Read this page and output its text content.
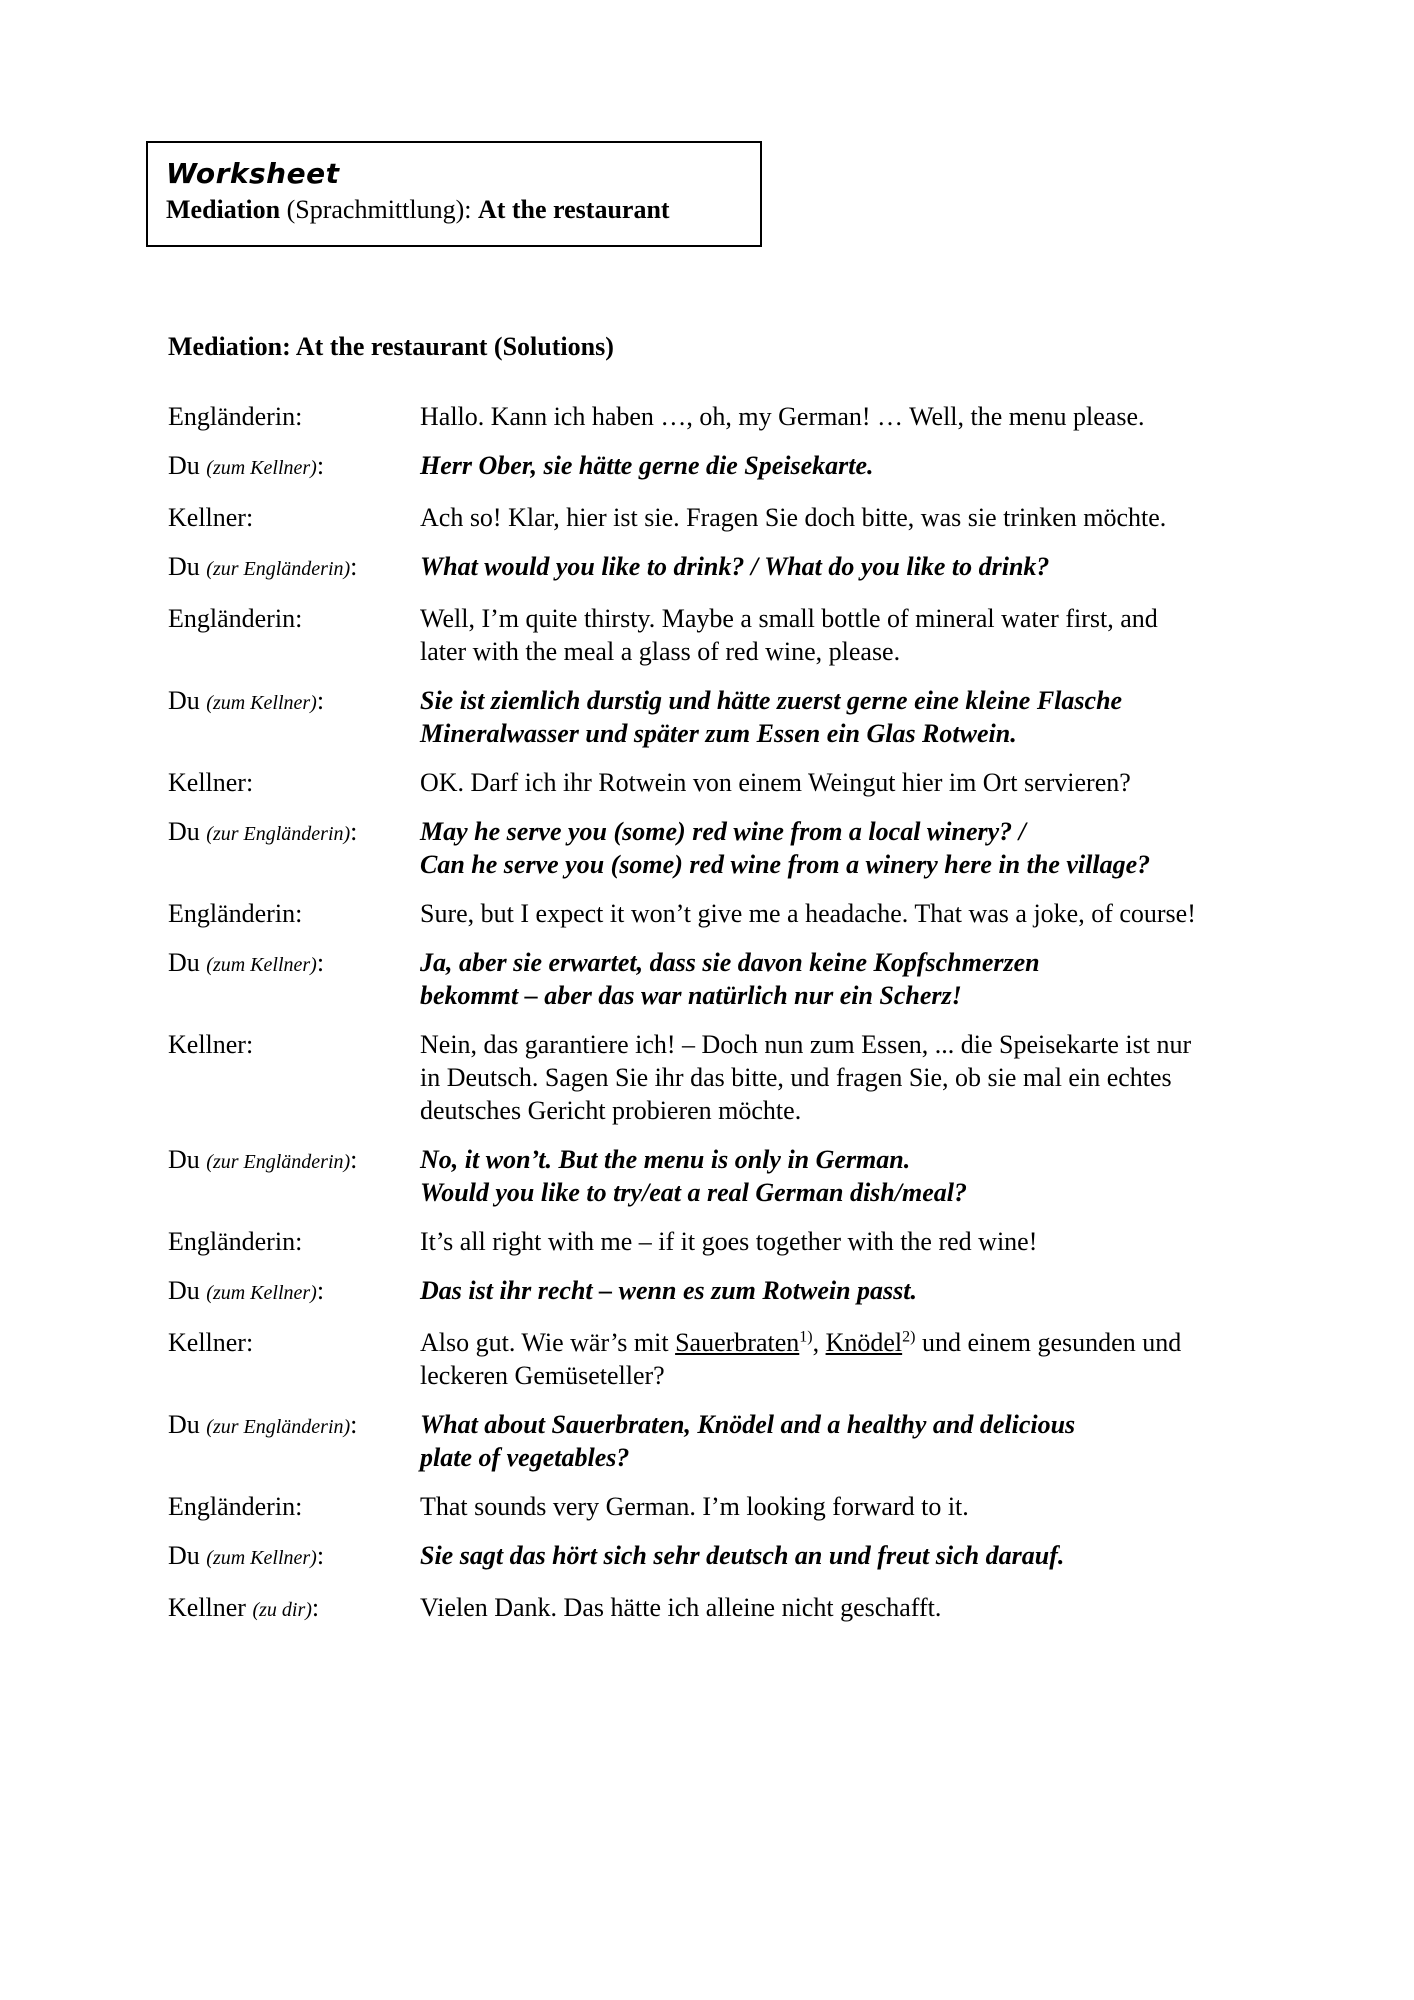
Worksheet
Mediation (Sprachmittlung): At the restaurant
Mediation: At the restaurant (Solutions)
Engländerin:	Hallo. Kann ich haben …, oh, my German! … Well, the menu please.
Du (zum Kellner):	Herr Ober, sie hätte gerne die Speisekarte.
Kellner:	Ach so! Klar, hier ist sie. Fragen Sie doch bitte, was sie trinken möchte.
Du (zur Engländerin):	What would you like to drink? / What do you like to drink?
Engländerin:	Well, I’m quite thirsty. Maybe a small bottle of mineral water first, and
later with the meal a glass of red wine, please.
Du (zum Kellner):	Sie ist ziemlich durstig und hätte zuerst gerne eine kleine Flasche
Mineralwasser und später zum Essen ein Glas Rotwein.
Kellner:	OK. Darf ich ihr Rotwein von einem Weingut hier im Ort servieren?
Du (zur Engländerin):	May he serve you (some) red wine from a local winery? /
Can he serve you (some) red wine from a winery here in the village?
Engländerin:	Sure, but I expect it won’t give me a headache. That was a joke, of course!
Du (zum Kellner):	Ja, aber sie erwartet, dass sie davon keine Kopfschmerzen
bekommt – aber das war natürlich nur ein Scherz!
Kellner:	Nein, das garantiere ich! – Doch nun zum Essen, ... die Speisekarte ist nur
in Deutsch. Sagen Sie ihr das bitte, und fragen Sie, ob sie mal ein echtes
deutsches Gericht probieren möchte.
Du (zur Engländerin):	No, it won’t. But the menu is only in German.
Would you like to try/eat a real German dish/meal?
Engländerin:	It’s all right with me – if it goes together with the red wine!
Du (zum Kellner):	Das ist ihr recht – wenn es zum Rotwein passt.
Kellner:	Also gut. Wie wär’s mit Sauerbraten$^{1)}$, Knödel$^{2)}$ und einem gesunden und
leckeren Gemüseteller?
Du (zur Engländerin):	What about Sauerbraten, Knödel and a healthy and delicious
plate of vegetables?
Engländerin:	That sounds very German. I’m looking forward to it.
Du (zum Kellner):	Sie sagt das hört sich sehr deutsch an und freut sich darauf.
Kellner (zu dir):	Vielen Dank. Das hätte ich alleine nicht geschafft.
